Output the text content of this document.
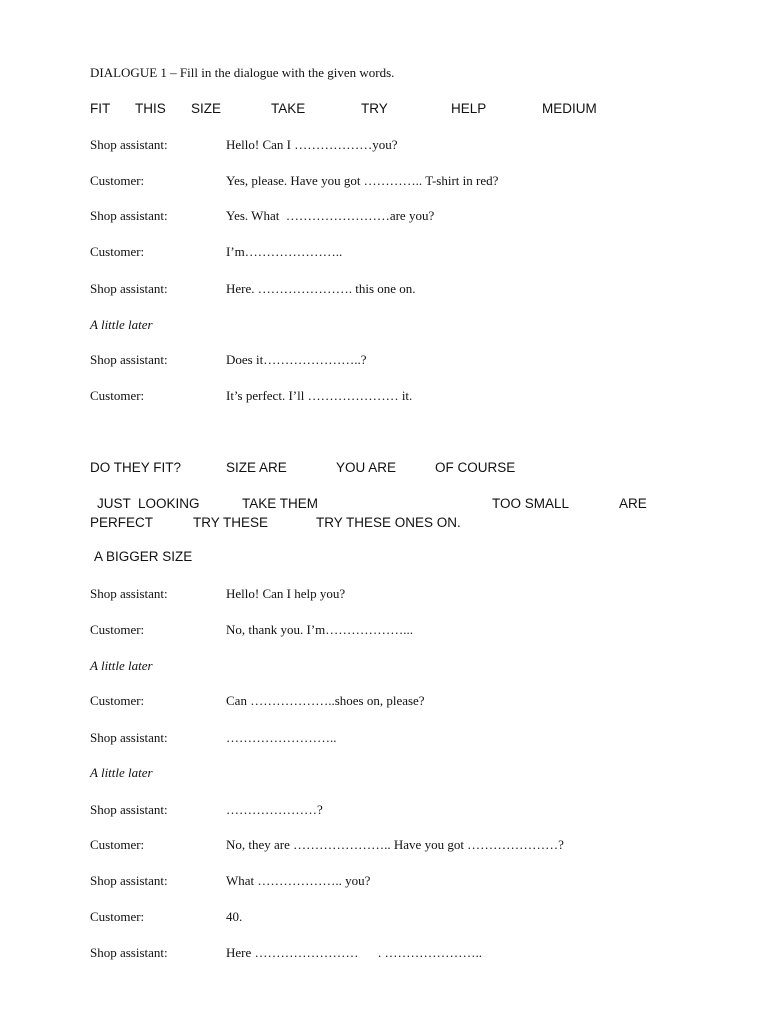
DIALOGUE 1 – Fill in the dialogue with the given words.
FIT THIS SIZE	TAKE	TRY	HELP	MEDIUM
Shop assistant:	Hello! Can I ………………you?
Customer:	Yes, please. Have you got ………….. T-shirt in red?
Shop assistant:	Yes. What  ……………………are you?
Customer:	I’m…………………..
Shop assistant:	Here. …………………. this one on.
A little later
Shop assistant:	Does it…………………..?
Customer:	It’s perfect. I’ll ………………… it.
DO THEY FIT?	SIZE ARE	YOU ARE	OF COURSE
JUST  LOOKING	TAKE THEM	TOO SMALL	ARE
PERFECT	TRY THESE	TRY THESE ONES ON.
A BIGGER SIZE
Shop assistant:	Hello! Can I help you?
Customer:	No, thank you. I’m………………...
A little later
Customer:	Can ………………..shoes on, please?
Shop assistant:	……………………..
A little later
Shop assistant:	…………………?
Customer:	No, they are ………………….. Have you got …………………?
Shop assistant:	What ……………….. you?
Customer:	40.
Shop assistant:	Here ……………………      . …………………..
